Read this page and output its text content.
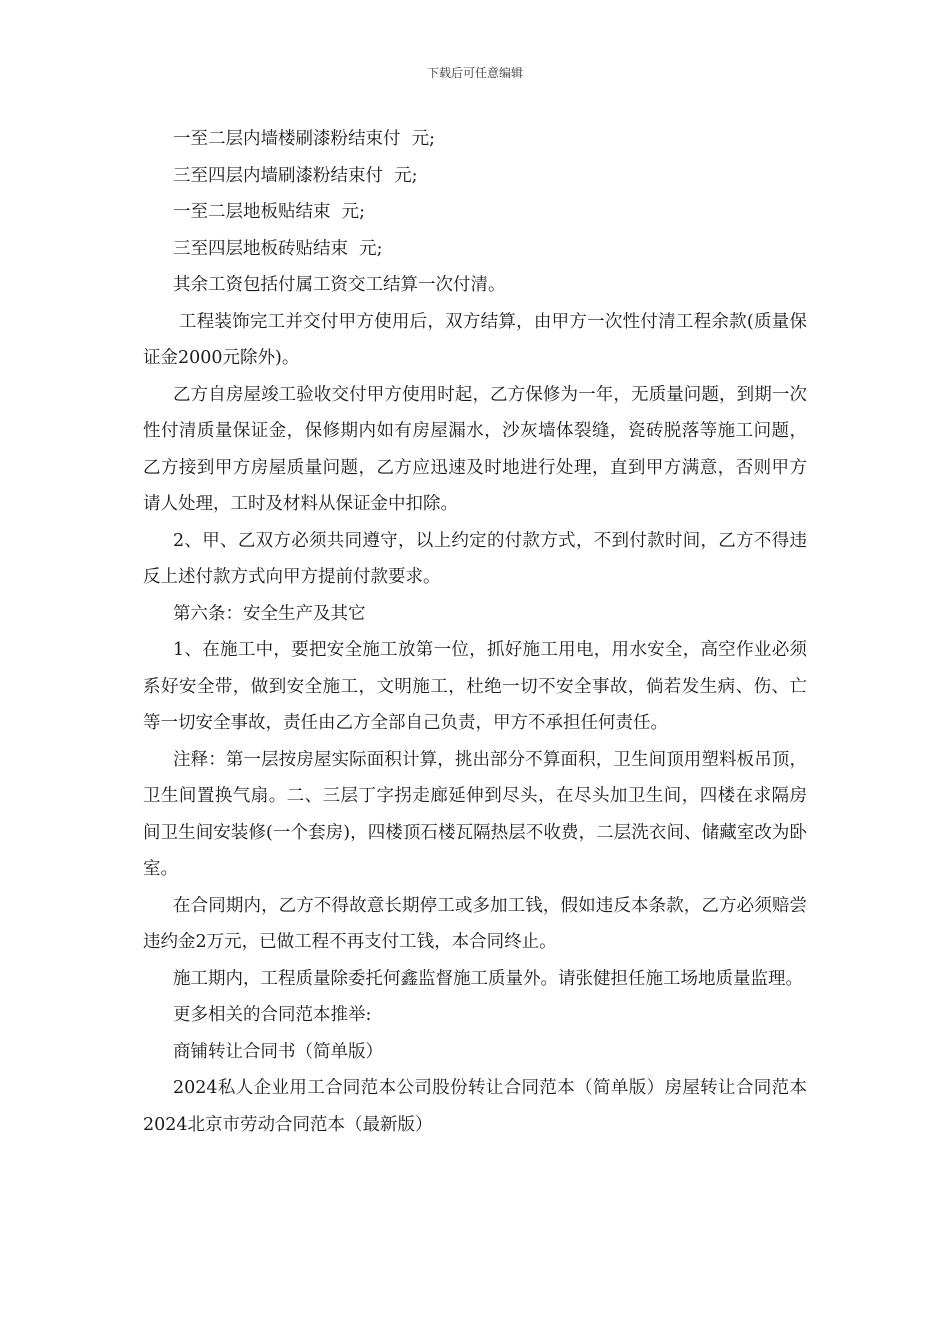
下载后可任意编辑

一至二层内墙楼刷漆粉结束付  元;

三至四层内墙刷漆粉结束付  元;

一至二层地板贴结束  元;

三至四层地板砖贴结束  元;

其余工资包括付属工资交工结算一次付清。

工程装饰完工并交付甲方使用后，双方结算，由甲方一次性付清工程余款(质量保证金2000元除外)。

乙方自房屋竣工验收交付甲方使用时起，乙方保修为一年，无质量问题，到期一次性付清质量保证金，保修期内如有房屋漏水，沙灰墙体裂缝，瓷砖脱落等施工问题，乙方接到甲方房屋质量问题，乙方应迅速及时地进行处理，直到甲方满意，否则甲方请人处理，工时及材料从保证金中扣除。

2、甲、乙双方必须共同遵守，以上约定的付款方式，不到付款时间，乙方不得违反上述付款方式向甲方提前付款要求。

第六条：安全生产及其它

1、在施工中，要把安全施工放第一位，抓好施工用电，用水安全，高空作业必须系好安全带，做到安全施工，文明施工，杜绝一切不安全事故，倘若发生病、伤、亡等一切安全事故，责任由乙方全部自己负责，甲方不承担任何责任。

注释：第一层按房屋实际面积计算，挑出部分不算面积，卫生间顶用塑料板吊顶，卫生间置换气扇。二、三层丁字拐走廊延伸到尽头，在尽头加卫生间，四楼在求隔房间卫生间安装修(一个套房)，四楼顶石楼瓦隔热层不收费，二层洗衣间、储藏室改为卧室。

在合同期内，乙方不得故意长期停工或多加工钱，假如违反本条款，乙方必须赔尝违约金2万元，已做工程不再支付工钱，本合同终止。

施工期内，工程质量除委托何鑫监督施工质量外。请张健担任施工场地质量监理。

更多相关的合同范本推举:

商铺转让合同书（简单版）

2024私人企业用工合同范本公司股份转让合同范本（简单版）房屋转让合同范本2024北京市劳动合同范本（最新版）
